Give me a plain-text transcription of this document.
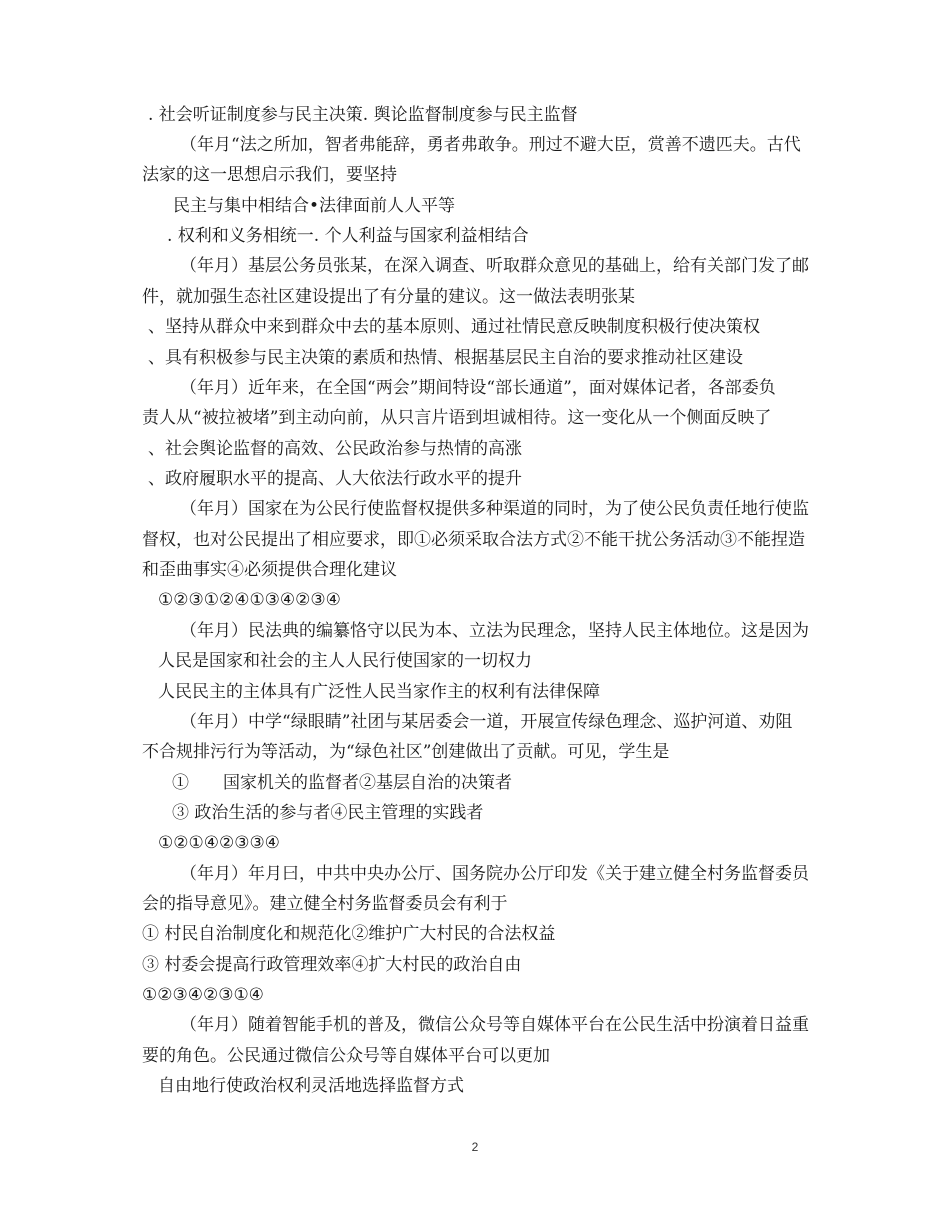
. 社会听证制度参与民主决策. 舆论监督制度参与民主监督
（年月“法之所加，智者弗能辞，勇者弗敢争。刑过不避大臣，赏善不遗匹夫。古代
法家的这一思想启示我们，要坚持
民主与集中相结合•法律面前人人平等
. 权利和义务相统一. 个人利益与国家利益相结合
（年月）基层公务员张某，在深入调查、听取群众意见的基础上，给有关部门发了邮
件，就加强生态社区建设提出了有分量的建议。这一做法表明张某
、坚持从群众中来到群众中去的基本原则、通过社情民意反映制度积极行使决策权
、具有积极参与民主决策的素质和热情、根据基层民主自治的要求推动社区建设
（年月）近年来，在全国“两会”期间特设“部长通道”，面对媒体记者，各部委负
责人从“被拉被堵”到主动向前，从只言片语到坦诚相待。这一变化从一个侧面反映了
、社会舆论监督的高效、公民政治参与热情的高涨
、政府履职水平的提高、人大依法行政水平的提升
（年月）国家在为公民行使监督权提供多种渠道的同时，为了使公民负责任地行使监
督权，也对公民提出了相应要求，即①必须采取合法方式②不能干扰公务活动③不能捏造
和歪曲事实④必须提供合理化建议
①②③①②④①③④②③④
（年月）民法典的编纂恪守以民为本、立法为民理念，坚持人民主体地位。这是因为
人民是国家和社会的主人人民行使国家的一切权力
人民民主的主体具有广泛性人民当家作主的权利有法律保障
（年月）中学“绿眼睛”社团与某居委会一道，开展宣传绿色理念、巡护河道、劝阻
不合规排污行为等活动，为“绿色社区”创建做出了贡献。可见，学生是
①　　国家机关的监督者②基层自治的决策者
③ 政治生活的参与者④民主管理的实践者
①②①④②③③④
（年月）年月曰，中共中央办公厅、国务院办公厅印发《关于建立健全村务监督委员
会的指导意见》。建立健全村务监督委员会有利于
① 村民自治制度化和规范化②维护广大村民的合法权益
③ 村委会提高行政管理效率④扩大村民的政治自由
①②③④②③①④
（年月）随着智能手机的普及，微信公众号等自媒体平台在公民生活中扮演着日益重
要的角色。公民通过微信公众号等自媒体平台可以更加
自由地行使政治权利灵活地选择监督方式
2
